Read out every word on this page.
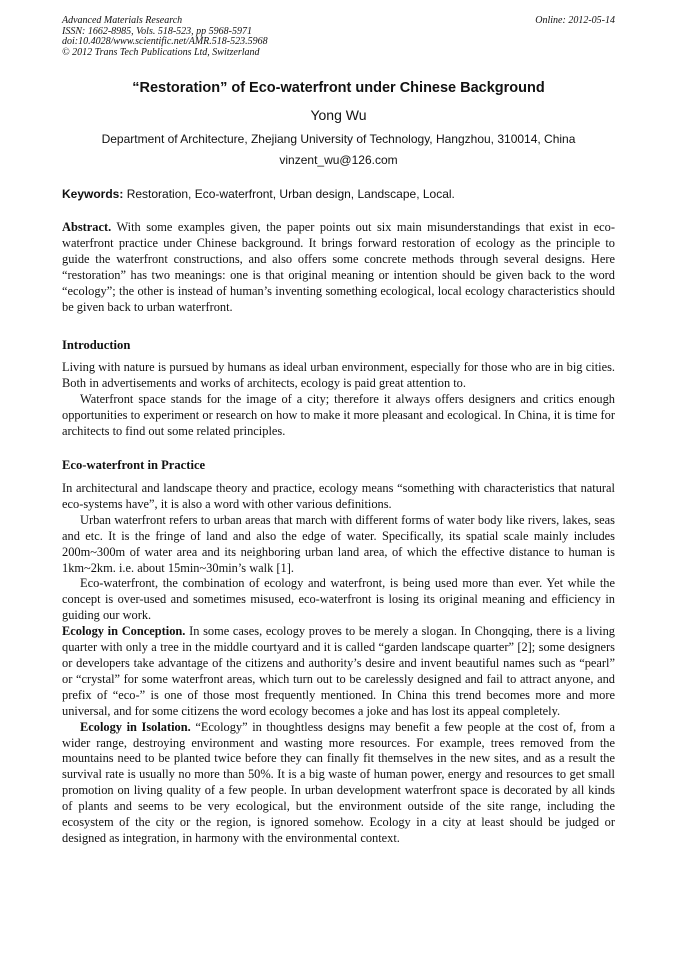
Advanced Materials Research
ISSN: 1662-8985, Vols. 518-523, pp 5968-5971
doi:10.4028/www.scientific.net/AMR.518-523.5968
© 2012 Trans Tech Publications Ltd, Switzerland
Online: 2012-05-14
“Restoration” of Eco-waterfront under Chinese Background
Yong Wu
Department of Architecture, Zhejiang University of Technology, Hangzhou, 310014, China
vinzent_wu@126.com
Keywords: Restoration, Eco-waterfront, Urban design, Landscape, Local.

Abstract. With some examples given, the paper points out six main misunderstandings that exist in eco-waterfront practice under Chinese background. It brings forward restoration of ecology as the principle to guide the waterfront constructions, and also offers some concrete methods through several designs. Here “restoration” has two meanings: one is that original meaning or intention should be given back to the word “ecology”; the other is instead of human’s inventing something ecological, local ecology characteristics should be given back to urban waterfront.

Introduction

Living with nature is pursued by humans as ideal urban environment, especially for those who are in big cities. Both in advertisements and works of architects, ecology is paid great attention to.

Waterfront space stands for the image of a city; therefore it always offers designers and critics enough opportunities to experiment or research on how to make it more pleasant and ecological. In China, it is time for architects to find out some related principles.

Eco-waterfront in Practice

In architectural and landscape theory and practice, ecology means “something with characteristics that natural eco-systems have”, it is also a word with other various definitions.

Urban waterfront refers to urban areas that march with different forms of water body like rivers, lakes, seas and etc. It is the fringe of land and also the edge of water. Specifically, its spatial scale mainly includes 200m~300m of water area and its neighboring urban land area, of which the effective distance to human is 1km~2km. i.e. about 15min~30min’s walk [1].

Eco-waterfront, the combination of ecology and waterfront, is being used more than ever. Yet while the concept is over-used and sometimes misused, eco-waterfront is losing its original meaning and efficiency in guiding our work.

Ecology in Conception. In some cases, ecology proves to be merely a slogan. In Chongqing, there is a living quarter with only a tree in the middle courtyard and it is called “garden landscape quarter” [2]; some designers or developers take advantage of the citizens and authority’s desire and invent beautiful names such as “pearl” or “crystal” for some waterfront areas, which turn out to be carelessly designed and fail to attract anyone, and prefix of “eco-” is one of those most frequently mentioned. In China this trend becomes more and more universal, and for some citizens the word ecology becomes a joke and has lost its appeal completely.

Ecology in Isolation. “Ecology” in thoughtless designs may benefit a few people at the cost of, from a wider range, destroying environment and wasting more resources. For example, trees removed from the mountains need to be planted twice before they can finally fit themselves in the new sites, and as a result the survival rate is usually no more than 50%. It is a big waste of human power, energy and resources to get small promotion on living quality of a few people. In urban development waterfront space is decorated by all kinds of plants and seems to be very ecological, but the environment outside of the site range, including the ecosystem of the city or the region, is ignored somehow. Ecology in a city at least should be judged or designed as integration, in harmony with the environmental context.
